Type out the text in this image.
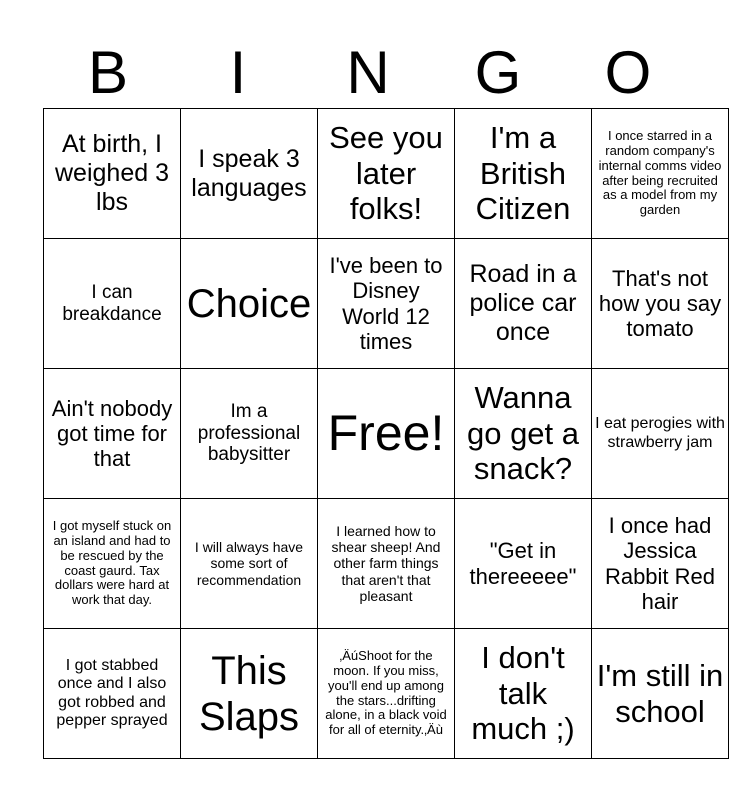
B	I	N	G	O
At birth, I weighed 3 lbs	I speak 3 languages	See you later folks!	I'm a British Citizen	I once starred in a random company's internal comms video after being recruited as a model from my garden
I can breakdance	Choice	I've been to Disney World 12 times	Road in a police car once	That's not how you say tomato
Ain't nobody got time for that	Im a professional babysitter	Free!	Wanna go get a snack?	I eat perogies with strawberry jam
I got myself stuck on an island and had to be rescued by the coast gaurd. Tax dollars were hard at work that day.	I will always have some sort of recommendation	I learned how to shear sheep! And other farm things that aren't that pleasant	"Get in thereeeee"	I once had Jessica Rabbit Red hair
I got stabbed once and I also got robbed and pepper sprayed	This Slaps	‚ÄúShoot for the moon. If you miss, you'll end up among the stars...drifting alone, in a black void for all of eternity.‚Äù	I don't talk much ;)	I'm still in school
